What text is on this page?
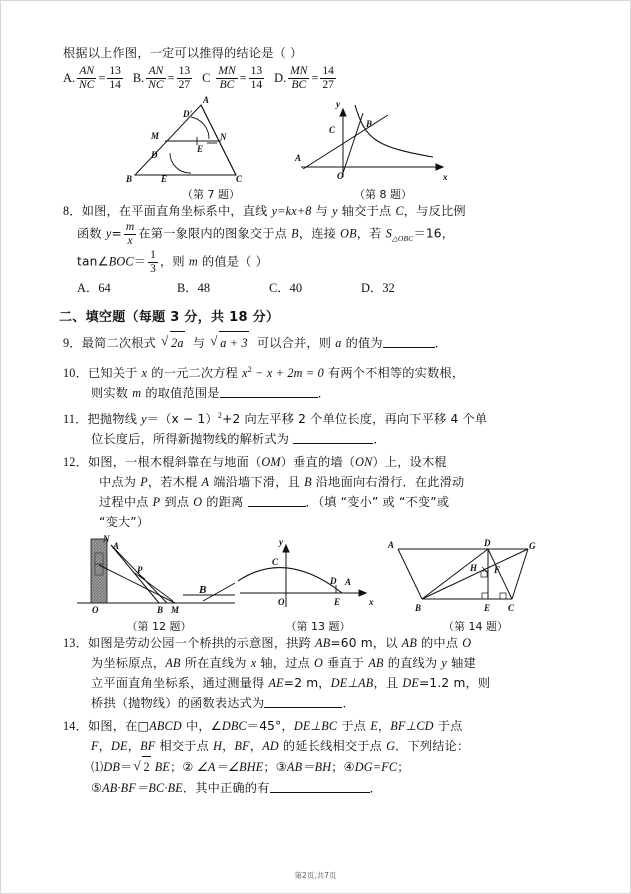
根据以上作图，一定可以推得的结论是（ ）

A. $\frac{AN}{NC} = \frac{13}{14} B$. $\frac{AN}{NC} = \frac{13}{27}$ C $\frac{MN}{BC} = \frac{13}{14} D$. $\frac{MN}{BC} = \frac{14}{27}$
A
B	C
D
D'
E
E
M	N
（第 7 题）
y
x
O
A
B
C
（第 8 题）

8．如图，在平面直角坐标系中，直线 y=kx+8 与 y 轴交于点 C，与反比例

函数 $y= \frac{m}{x}$ 在第一象限内的图象交于点 B，连接 OB，若 $S_{\triangle OBC}=16$，

tan∠BOC＝ $\frac{1}{3}$ ，则 m 的值是（ ）

A．64	B．48	C．40	D．32
二、填空题（每题 3 分，共 18 分）

9．最简二次根式 √ 2a 与 √ a + 3 可以合并，则 a 的值为	．

10．已知关于 x 的一元二次方程 $x^2 - x + 2m = 0$ 有两个不相等的实数根，

则实数 m 的取值范围是	．

11．把抛物线 $y=(x - 1)^2+2$ 向左平移 2 个单位长度，再向下平移 4 个单

位长度后，所得新抛物线的解析式为	．

12．如图，一根木棍斜靠在与地面（OM）垂直的墙（ON）上，设木棍

中点为 P，若木棍 A 端沿墙下滑，且 B 沿地面向右滑行．在此滑动

过程中点 P 到点 O 的距离	．（填 “变小” 或 “不变”或

“变大”）

N
A
P
O	B M
B
（第 12 题）
y
x
O
C
D A
E
（第 13 题）
A	D	G
H F
B	E C
（第 14 题）

13．如图是劳动公园一个桥拱的示意图，拱跨 AB=60 m，以 AB 的中点 O

为坐标原点，AB 所在直线为 x 轴，过点 O 垂直于 AB 的直线为 y 轴建

立平面直角坐标系，通过测量得 AE=2 m，DE⊥AB，且 DE=1.2 m，则

桥拱（抛物线）的函数表达式为	．

14．如图，在□ABCD 中，∠DBC＝45°，DE⊥BC 于点 E，BF⊥CD 于点

F，DE，BF 相交于点 H，BF，AD 的延长线相交于点 G．下列结论：

⑴DB＝ √ 2 BE；② ∠A＝∠BHE；③AB＝BH；④DG=FC；

⑤AB·BF＝BC·BE．其中正确的有	．

第2页,共7页
